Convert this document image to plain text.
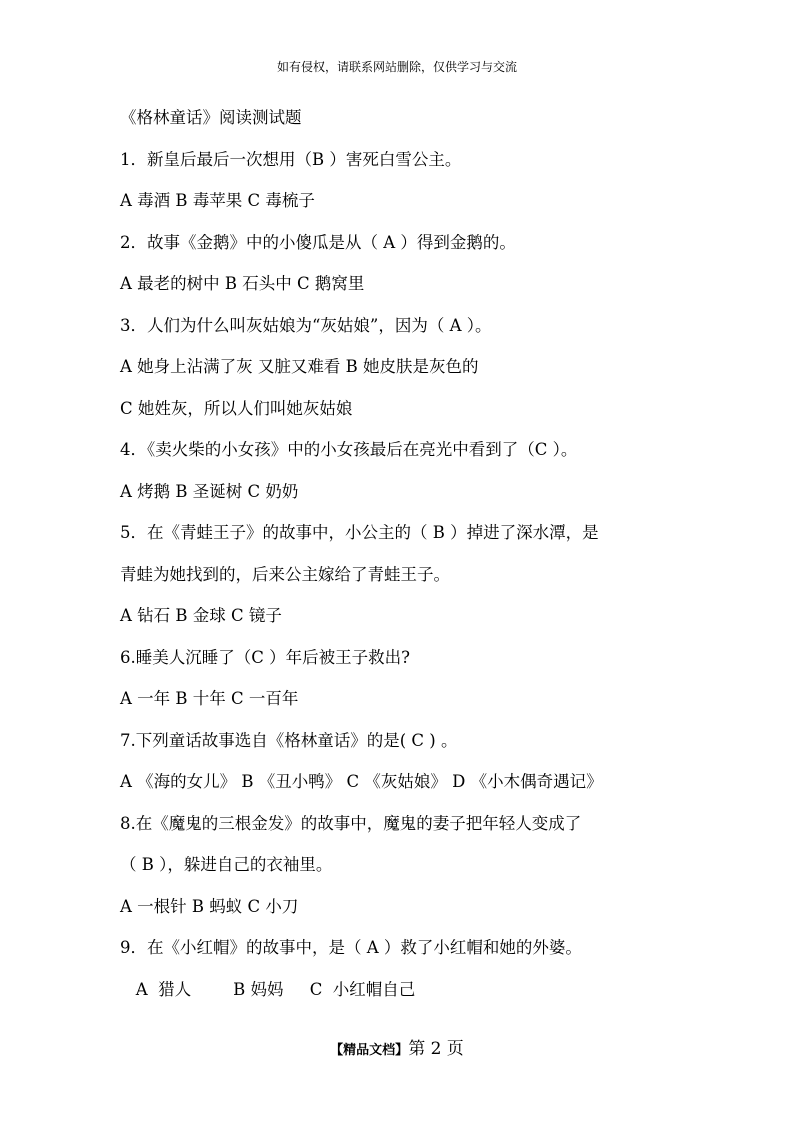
如有侵权，请联系网站删除，仅供学习与交流
《格林童话》阅读测试题
1．新皇后最后一次想用（B ）害死白雪公主。
A 毒酒 B 毒苹果 C 毒梳子
2．故事《金鹅》中的小傻瓜是从（ A ）得到金鹅的。
A 最老的树中 B 石头中 C 鹅窝里
3．人们为什么叫灰姑娘为“灰姑娘”，因为（ A ）。
A 她身上沾满了灰 又脏又难看 B 她皮肤是灰色的
C 她姓灰，所以人们叫她灰姑娘
4．《卖火柴的小女孩》中的小女孩最后在亮光中看到了（C ）。
A 烤鹅 B 圣诞树 C 奶奶
5．在《青蛙王子》的故事中，小公主的（ B ）掉进了深水潭，是
青蛙为她找到的，后来公主嫁给了青蛙王子。
A 钻石 B 金球 C 镜子
6.睡美人沉睡了（C ）年后被王子救出?
A 一年 B 十年 C 一百年
7.下列童话故事选自《格林童话》的是( C ) 。
A 《海的女儿》 B 《丑小鸭》 C 《灰姑娘》 D 《小木偶奇遇记》
8.在《魔鬼的三根金发》的故事中，魔鬼的妻子把年轻人变成了
（ B ），躲进自己的衣袖里。
A 一根针 B 蚂蚁 C 小刀
9．在《小红帽》的故事中，是（ A ）救了小红帽和她的外婆。
A  猎人        B 妈妈     C  小红帽自己
【精品文档】第 2 页
